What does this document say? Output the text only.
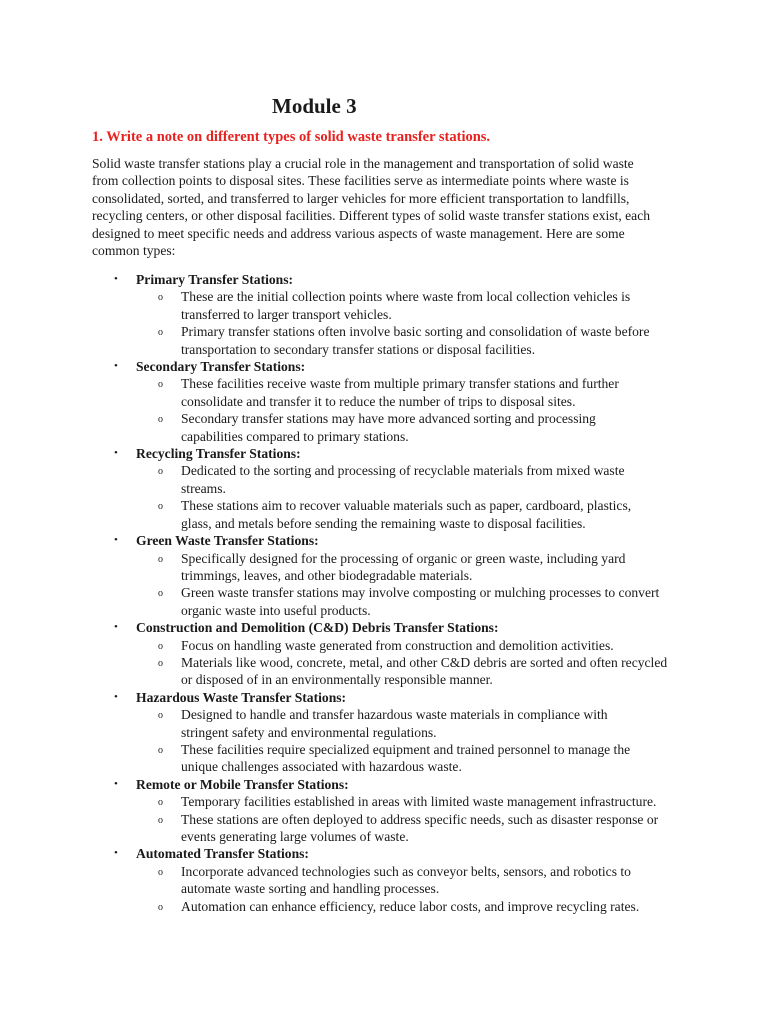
Module 3

1. Write a note on different types of solid waste transfer stations.

Solid waste transfer stations play a crucial role in the management and transportation of solid waste
from collection points to disposal sites. These facilities serve as intermediate points where waste is
consolidated, sorted, and transferred to larger vehicles for more efficient transportation to landfills,
recycling centers, or other disposal facilities. Different types of solid waste transfer stations exist, each
designed to meet specific needs and address various aspects of waste management. Here are some
common types:

• Primary Transfer Stations:
o These are the initial collection points where waste from local collection vehicles is
transferred to larger transport vehicles.
o Primary transfer stations often involve basic sorting and consolidation of waste before
transportation to secondary transfer stations or disposal facilities.
• Secondary Transfer Stations:
o These facilities receive waste from multiple primary transfer stations and further
consolidate and transfer it to reduce the number of trips to disposal sites.
o Secondary transfer stations may have more advanced sorting and processing
capabilities compared to primary stations.
• Recycling Transfer Stations:
o Dedicated to the sorting and processing of recyclable materials from mixed waste
streams.
o These stations aim to recover valuable materials such as paper, cardboard, plastics,
glass, and metals before sending the remaining waste to disposal facilities.
• Green Waste Transfer Stations:
o Specifically designed for the processing of organic or green waste, including yard
trimmings, leaves, and other biodegradable materials.
o Green waste transfer stations may involve composting or mulching processes to convert
organic waste into useful products.
• Construction and Demolition (C&D) Debris Transfer Stations:
o Focus on handling waste generated from construction and demolition activities.
o Materials like wood, concrete, metal, and other C&D debris are sorted and often recycled
or disposed of in an environmentally responsible manner.
• Hazardous Waste Transfer Stations:
o Designed to handle and transfer hazardous waste materials in compliance with
stringent safety and environmental regulations.
o These facilities require specialized equipment and trained personnel to manage the
unique challenges associated with hazardous waste.
• Remote or Mobile Transfer Stations:
o Temporary facilities established in areas with limited waste management infrastructure.
o These stations are often deployed to address specific needs, such as disaster response or
events generating large volumes of waste.
• Automated Transfer Stations:
o Incorporate advanced technologies such as conveyor belts, sensors, and robotics to
automate waste sorting and handling processes.
o Automation can enhance efficiency, reduce labor costs, and improve recycling rates.
